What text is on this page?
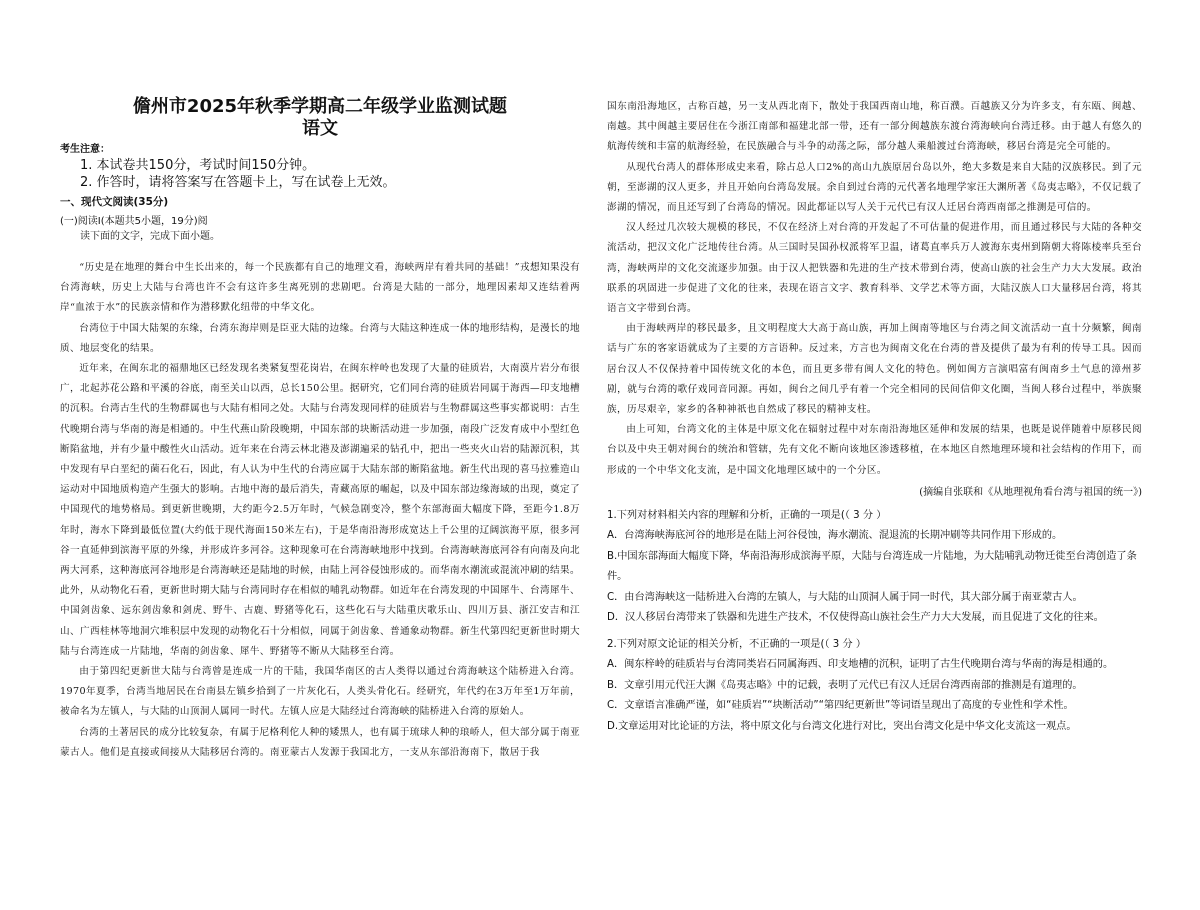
儋州市2025年秋季学期高二年级学业监测试题
语文
考生注意：
1. 本试卷共150分，考试时间150分钟。
2. 作答时，请将答案写在答题卡上，写在试卷上无效。
一、现代文阅读(35分)
(一)阅读Ⅰ(本题共5小题，19分)阅
读下面的文字，完成下面小题。

“历史是在地理的舞台中生长出来的，每一个民族都有自己的地理文看，海峡两岸有着共同的基础！”戎想知果没有台湾海峡，历史上大陆与台湾也许不会有这许多生离死别的悲剧吧。台湾是大陆的一部分，地理因素却又连结着两岸“血浓于水”的民族亲情和作为潜移默化纽带的中华文化。

台湾位于中国大陆架的东缘，台湾东海岸则是臣亚大陆的边缘。台湾与大陆这种连成一体的地形结构，是漫长的地质、地层变化的结果。

近年来，在闽东北的福鼎地区已经发现名类紧复型花岗岩，在闽东梓岭也发现了大量的硅质岩，大南漠片岩分布很广，北起苏花公路和平溪的谷底，南至关山以西，总长150公里。据研究，它们同台湾的硅质岩同属于海西—印支地槽的沉积。台湾古生代的生物群属也与大陆有相同之处。大陆与台湾发现同样的硅质岩与生物群属这些事实都说明：古生代晚期台湾与华南的海是相通的。中生代燕山阶段晚期，中国东部的块断活动进一步加强，南段广泛发育成中小型红色断陷盆地，并有少量中酸性火山活动。近年来在台湾云林北港及澎湖遍采的钻孔中，把出一些夹火山岩的陆源沉积，其中发现有早白垩纪的菌石化石，因此，有人认为中生代的台湾应属于大陆东部的断陷盆地。新生代出现的喜马拉雅造山运动对中国地质构造产生强大的影响。古地中海的最后消失，青藏高原的崛起，以及中国东部边缘海域的出现，奠定了中国现代的地势格局。到更新世晚期，大约距今2.5万年时，气候急剧变冷，整个东部海面大幅度下降，至距今1.8万年时，海水下降到最低位置(大约低于现代海面150米左右)，于是华南沿海形成宽达上千公里的辽阔滨海平原，很多河谷一直延伸到滨海平原的外缘，并形成许多河谷。这种现象可在台湾海峡地形中找到。台湾海峡海底河谷有向南及向北两大河系，这种海底河谷地形是台湾海峡还是陆地的时候，由陆上河谷侵蚀形成的。而华南水潮流或混流冲刷的结果。此外，从动物化石看，更新世时期大陆与台湾同时存在相似的哺乳动物群。如近年在台湾发现的中国犀牛、台湾犀牛、中国剑齿象、远东剑齿象和剑虎、野牛、古鹿、野猪等化石，这些化石与大陆重庆歌乐山、四川万县、浙江安吉和江山、广西桂林等地洞穴堆积层中发现的动物化石十分相似，同属于剑齿象、普通象动物群。新生代第四纪更新世时期大陆与台湾连成一片陆地，华南的剑齿象、犀牛、野猪等不断从大陆移至台湾。

由于第四纪更新世大陆与台湾曾是连成一片的干陆，我国华南区的古人类得以通过台湾海峡这个陆桥进入台湾。1970年夏季，台湾当地居民在台南县左镇乡拾到了一片灰化石，人类头骨化石。经研究，年代约在3万年至1万年前，被命名为左镇人，与大陆的山顶洞人属同一时代。左镇人应是大陆经过台湾海峡的陆桥进入台湾的原始人。

台湾的土著居民的成分比较复杂，有属于尼格利佗人种的矮黑人，也有属于琉球人种的琅峤人，但大部分属于南亚蒙古人。他们是直接或间接从大陆移居台湾的。南亚蒙古人发源于我国北方，一支从东部沿海南下，散居于我

国东南沿海地区，古称百越，另一支从西北南下，散处于我国西南山地，称百濮。百越族又分为许多支，有东瓯、闽越、南越。其中闽越主要居住在今浙江南部和福建北部一带，还有一部分闽越族东渡台湾海峡向台湾迁移。由于越人有悠久的航海传统和丰富的航海经验，在民族融合与斗争的动荡之际，部分越人乘船渡过台湾海峡，移居台湾是完全可能的。

从现代台湾人的群体形成史来看，除占总人口2%的高山九族原居台岛以外，绝大多数是来自大陆的汉族移民。到了元朝，至澎湖的汉人更多，并且开始向台湾岛发展。余自到过台湾的元代著名地理学家汪大渊所著《岛夷志略》，不仅记载了澎湖的情况，而且还写到了台湾岛的情况。因此都证以写人关于元代已有汉人迁居台湾西南部之推测是可信的。

汉人经过几次较大规模的移民，不仅在经济上对台湾的开发起了不可估量的促进作用，而且通过移民与大陆的各种交流活动，把汉文化广泛地传往台湾。从三国时吴国孙权派将军卫温，诸葛直率兵万人渡海东夷州到隋朝大将陈棱率兵至台湾，海峡两岸的文化交流逐步加强。由于汉人把铁器和先进的生产技术带到台湾，使高山族的社会生产力大大发展。政治联系的巩固进一步促进了文化的往来，表现在语言文字、教育科举、文学艺术等方面，大陆汉族人口大量移居台湾，将其语言文字带到台湾。

由于海峡两岸的移民最多，且文明程度大大高于高山族，再加上闽南等地区与台湾之间文流活动一直十分频繁，闽南话与广东的客家语就成为了主要的方言语种。反过来，方言也为闽南文化在台湾的普及提供了最为有利的传导工具。因而居台汉人不仅保持着中国传统文化的本色，而且更多带有闽人文化的特色。例如闽方言演唱富有闽南乡土气息的漳州芗剧，就与台湾的歌仔戏同音同源。再如，闽台之间几乎有着一个完全相同的民间信仰文化圈，当闽人移台过程中，举族聚族，历尽艰辛，家乡的各种神祇也自然成了移民的精神支柱。

由上可知，台湾文化的主体是中原文化在辐射过程中对东南沿海地区延伸和发展的结果，也既是说伴随着中原移民阅台以及中央王朝对闽台的统治和管辖，先有文化不断向该地区渗透移植，在本地区自然地理环境和社会结构的作用下，而形成的一个中华文化支流，是中国文化地理区域中的一个分区。

(摘编自张联和《从地理视角看台湾与祖国的统一》)
1.下列对材料相关内容的理解和分析，正确的一项是(（ 3 分 ）
A．台湾海峡海底河谷的地形是在陆上河谷侵蚀，海水潮流、混退流的长期冲刷等共同作用下形成的。
B.中国东部海面大幅度下降，华南沿海形成滨海平原，大陆与台湾连成一片陆地，为大陆哺乳动物迁徙至台湾创造了条件。
C．由台湾海峡这一陆桥进入台湾的左镇人，与大陆的山顶洞人属于同一时代，其大部分属于南亚蒙古人。
D．汉人移居台湾带来了铁器和先进生产技术，不仅使得高山族社会生产力大大发展，而且促进了文化的往来。
2.下列对原文论证的相关分析，不正确的一项是(（ 3 分 ）
A．闽东梓岭的硅质岩与台湾同类岩石同属海西、印支地槽的沉积，证明了古生代晚期台湾与华南的海是相通的。
B．文章引用元代汪大渊《岛夷志略》中的记载，表明了元代已有汉人迁居台湾西南部的推测是有道理的。
C．文章语言准确严谨，如“硅质岩”“块断活动”“第四纪更新世”等词语呈现出了高度的专业性和学术性。
D.文章运用对比论证的方法，将中原文化与台湾文化进行对比，突出台湾文化是中华文化支流这一观点。
